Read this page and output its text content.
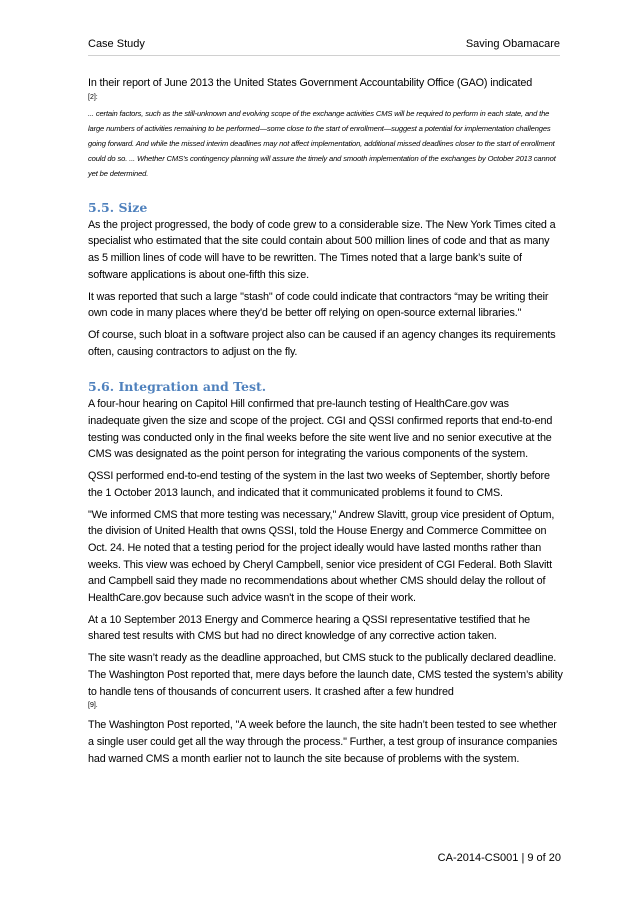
Case Study	Saving Obamacare

In their report of June 2013 the United States Government Accountability Office (GAO) indicated

[2]:

... certain factors, such as the still-unknown and evolving scope of the exchange activities CMS will be required to perform in each state, and the large numbers of activities remaining to be performed—some close to the start of enrollment—suggest a potential for implementation challenges going forward. And while the missed interim deadlines may not affect implementation, additional missed deadlines closer to the start of enrollment could do so. ... Whether CMS’s contingency planning will assure the timely and smooth implementation of the exchanges by October 2013 cannot yet be determined.

5.5. Size

As the project progressed, the body of code grew to a considerable size. The New York Times cited a specialist who estimated that the site could contain about 500 million lines of code and that as many as 5 million lines of code will have to be rewritten. The Times noted that a large bank’s suite of software applications is about one-fifth this size.

It was reported that such a large "stash" of code could indicate that contractors “may be writing their own code in many places where they'd be better off relying on open-source external libraries."

Of course, such bloat in a software project also can be caused if an agency changes its requirements often, causing contractors to adjust on the fly.

5.6. Integration and Test.

A four-hour hearing on Capitol Hill confirmed that pre-launch testing of HealthCare.gov was inadequate given the size and scope of the project. CGI and QSSI confirmed reports that end-to-end testing was conducted only in the final weeks before the site went live and no senior executive at the CMS was designated as the point person for integrating the various components of the system.

QSSI performed end-to-end testing of the system in the last two weeks of September, shortly before the 1 October 2013 launch, and indicated that it communicated problems it found to CMS.

"We informed CMS that more testing was necessary," Andrew Slavitt, group vice president of Optum, the division of United Health that owns QSSI, told the House Energy and Commerce Committee on Oct. 24. He noted that a testing period for the project ideally would have lasted months rather than weeks. This view was echoed by Cheryl Campbell, senior vice president of CGI Federal. Both Slavitt and Campbell said they made no recommendations about whether CMS should delay the rollout of HealthCare.gov because such advice wasn't in the scope of their work.

At a 10 September 2013 Energy and Commerce hearing a QSSI representative testified that he shared test results with CMS but had no direct knowledge of any corrective action taken.

The site wasn’t ready as the deadline approached, but CMS stuck to the publically declared deadline. The Washington Post reported that, mere days before the launch date, CMS tested the system’s ability to handle tens of thousands of concurrent users. It crashed after a few hundred

[9].

The Washington Post reported, "A week before the launch, the site hadn’t been tested to see whether a single user could get all the way through the process." Further, a test group of insurance companies had warned CMS a month earlier not to launch the site because of problems with the system.

CA-2014-CS001 | 9 of 20
